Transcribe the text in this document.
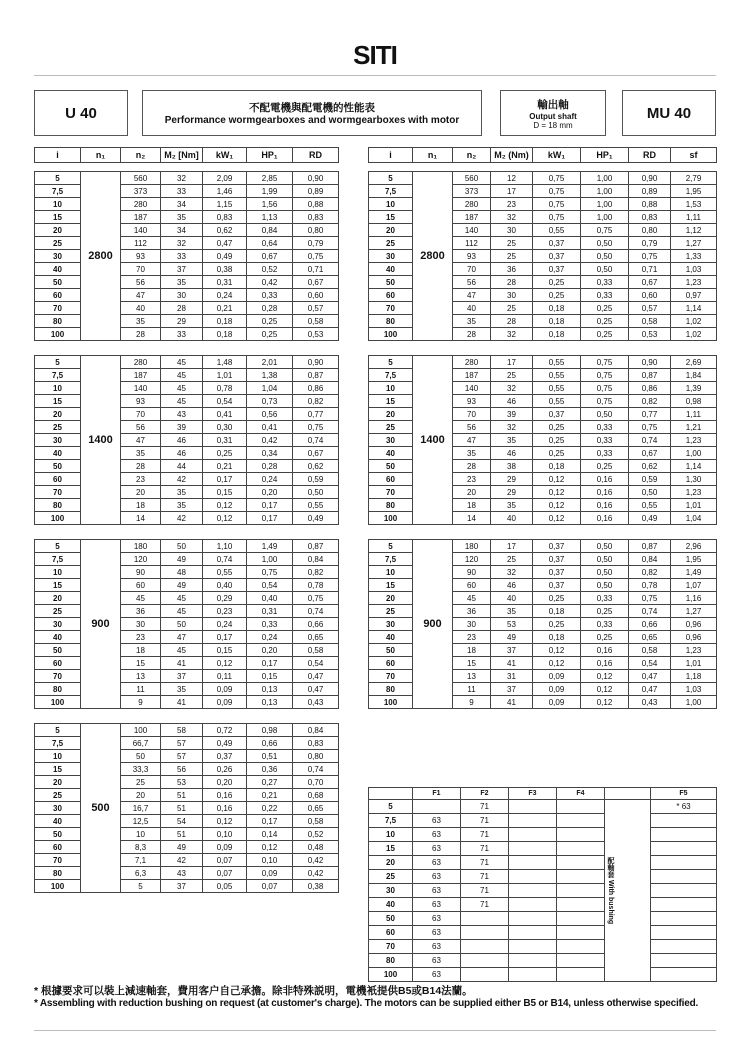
SITI
U 40	不配電機與配電機的性能表
Performance wormgearboxes and wormgearboxes with motor
輸出軸
Output shaft
D = 18 mm
MU 40
i	n₁	n₂	M₂ [Nm]	kW₁	HP₁	RD

5	2800	560	32	2,09	2,85	0,90
7,5		373	33	1,46	1,99	0,89
10		280	34	1,15	1,56	0,88
15		187	35	0,83	1,13	0,83
20		140	34	0,62	0,84	0,80
25		112	32	0,47	0,64	0,79
30		93	33	0,49	0,67	0,75
40		70	37	0,38	0,52	0,71
50		56	35	0,31	0,42	0,67
60		47	30	0,24	0,33	0,60
70		40	28	0,21	0,28	0,57
80		35	29	0,18	0,25	0,58
100		28	33	0,18	0,25	0,53

5	1400	280	45	1,48	2,01	0,90
7,5		187	45	1,01	1,38	0,87
10		140	45	0,78	1,04	0,86
15		93	45	0,54	0,73	0,82
20		70	43	0,41	0,56	0,77
25		56	39	0,30	0,41	0,75
30		47	46	0,31	0,42	0,74
40		35	46	0,25	0,34	0,67
50		28	44	0,21	0,28	0,62
60		23	42	0,17	0,24	0,59
70		20	35	0,15	0,20	0,50
80		18	35	0,12	0,17	0,55
100		14	42	0,12	0,17	0,49

5	900	180	50	1,10	1,49	0,87
7,5		120	49	0,74	1,00	0,84
10		90	48	0,55	0,75	0,82
15		60	49	0,40	0,54	0,78
20		45	45	0,29	0,40	0,75
25		36	45	0,23	0,31	0,74
30		30	50	0,24	0,33	0,66
40		23	47	0,17	0,24	0,65
50		18	45	0,15	0,20	0,58
60		15	41	0,12	0,17	0,54
70		13	37	0,11	0,15	0,47
80		11	35	0,09	0,13	0,47
100		9	41	0,09	0,13	0,43

5	500	100	58	0,72	0,98	0,84
7,5		66,7	57	0,49	0,66	0,83
10		50	57	0,37	0,51	0,80
15		33,3	56	0,26	0,36	0,74
20		25	53	0,20	0,27	0,70
25		20	51	0,16	0,21	0,68
30		16,7	51	0,16	0,22	0,65
40		12,5	54	0,12	0,17	0,58
50		10	51	0,10	0,14	0,52
60		8,3	49	0,09	0,12	0,48
70		7,1	42	0,07	0,10	0,42
80		6,3	43	0,07	0,09	0,42
100		5	37	0,05	0,07	0,38
i	n₁	n₂	M₂ (Nm)	kW₁	HP₁	RD	sf

5	2800	560	12	0,75	1,00	0,90	2,79
7,5		373	17	0,75	1,00	0,89	1,95
10		280	23	0,75	1,00	0,88	1,53
15		187	32	0,75	1,00	0,83	1,11
20		140	30	0,55	0,75	0,80	1,12
25		112	25	0,37	0,50	0,79	1,27
30		93	25	0,37	0,50	0,75	1,33
40		70	36	0,37	0,50	0,71	1,03
50		56	28	0,25	0,33	0,67	1,23
60		47	30	0,25	0,33	0,60	0,97
70		40	25	0,18	0,25	0,57	1,14
80		35	28	0,18	0,25	0,58	1,02
100		28	32	0,18	0,25	0,53	1,02

5	1400	280	17	0,55	0,75	0,90	2,69
7,5		187	25	0,55	0,75	0,87	1,84
10		140	32	0,55	0,75	0,86	1,39
15		93	46	0,55	0,75	0,82	0,98
20		70	39	0,37	0,50	0,77	1,11
25		56	32	0,25	0,33	0,75	1,21
30		47	35	0,25	0,33	0,74	1,23
40		35	46	0,25	0,33	0,67	1,00
50		28	38	0,18	0,25	0,62	1,14
60		23	29	0,12	0,16	0,59	1,30
70		20	29	0,12	0,16	0,50	1,23
80		18	35	0,12	0,16	0,55	1,01
100		14	40	0,12	0,16	0,49	1,04

5	900	180	17	0,37	0,50	0,87	2,96
7,5		120	25	0,37	0,50	0,84	1,95
10		90	32	0,37	0,50	0,82	1,49
15		60	46	0,37	0,50	0,78	1,07
20		45	40	0,25	0,33	0,75	1,16
25		36	35	0,18	0,25	0,74	1,27
30		30	53	0,25	0,33	0,66	0,96
40		23	49	0,18	0,25	0,65	0,96
50		18	37	0,12	0,16	0,58	1,23
60		15	41	0,12	0,16	0,54	1,01
70		13	31	0,09	0,12	0,47	1,18
80		11	37	0,09	0,12	0,47	1,03
100		9	41	0,09	0,12	0,43	1,00
	F1	F2	F3	F4		F5
5		71			配軸套 With bushing	* 63
7,5	63	71				
10	63	71				
15	63	71				
20	63	71				
25	63	71				
30	63	71				
40	63	71				
50	63					
60	63					
70	63					
80	63					
100	63					
* 根據要求可以裝上減速軸套，費用客户自己承擔。除非特殊説明，電機衹提供B5或B14法蘭。
* Assembling with reduction bushing on request (at customer's charge). The motors can be supplied either B5 or B14, unless otherwise specified.
